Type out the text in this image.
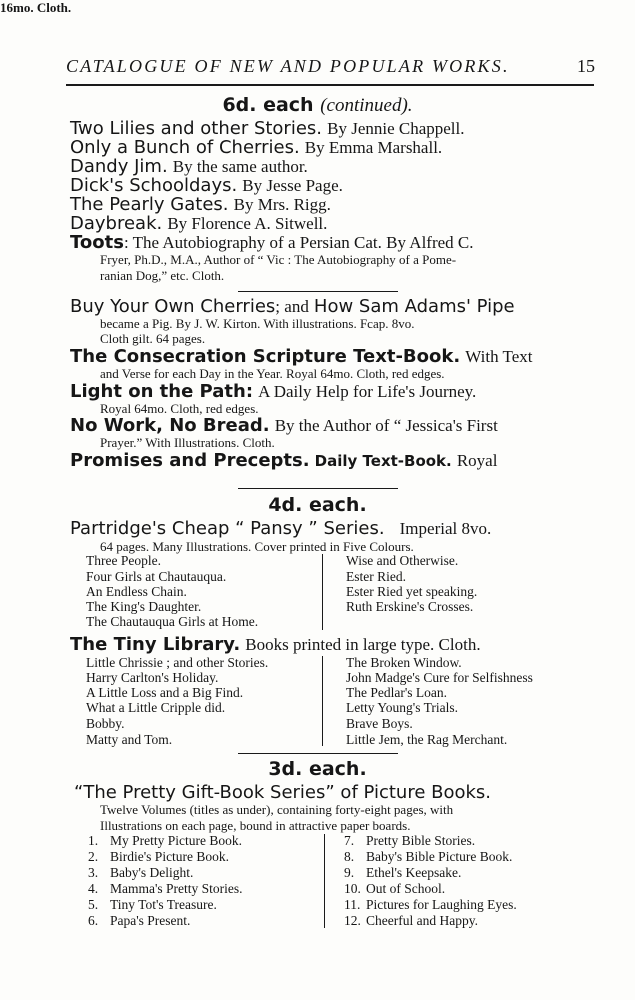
CATALOGUE OF NEW AND POPULAR WORKS.	15
6d. each (continued).
Two Lilies and other Stories. By Jennie Chappell.
Only a Bunch of Cherries. By Emma Marshall.
Dandy Jim. By the same author.
Dick's Schooldays. By Jesse Page.
The Pearly Gates. By Mrs. Rigg.
Daybreak. By Florence A. Sitwell.
Toots: The Autobiography of a Persian Cat. By Alfred C.
Fryer, Ph.D., M.A., Author of “ Vic : The Autobiography of a Pome-
ranian Dog,” etc. Cloth.
Buy Your Own Cherries; and How Sam Adams' Pipe
became a Pig. By J. W. Kirton. With illustrations. Fcap. 8vo.
Cloth gilt. 64 pages.
The Consecration Scripture Text-Book. With Text
and Verse for each Day in the Year. Royal 64mo. Cloth, red edges.
Light on the Path: A Daily Help for Life's Journey.
Royal 64mo. Cloth, red edges.
No Work, No Bread. By the Author of “ Jessica's First
Prayer.” With Illustrations. Cloth.
Promises and Precepts. Daily Text-Book. Royal
16mo. Cloth.
4d. each.
Partridge's Cheap “ Pansy ” Series. Imperial 8vo.
64 pages. Many Illustrations. Cover printed in Five Colours.
Three People.
Four Girls at Chautauqua.
An Endless Chain.
The King's Daughter.
The Chautauqua Girls at Home.
Wise and Otherwise.
Ester Ried.
Ester Ried yet speaking.
Ruth Erskine's Crosses.
The Tiny Library. Books printed in large type. Cloth.
Little Chrissie ; and other Stories.
Harry Carlton's Holiday.
A Little Loss and a Big Find.
What a Little Cripple did.
Bobby.
Matty and Tom.
The Broken Window.
John Madge's Cure for Selfishness
The Pedlar's Loan.
Letty Young's Trials.
Brave Boys.
Little Jem, the Rag Merchant.
3d. each.
“The Pretty Gift-Book Series” of Picture Books.
Twelve Volumes (titles as under), containing forty-eight pages, with
Illustrations on each page, bound in attractive paper boards.
1. My Pretty Picture Book.
2. Birdie's Picture Book.
3. Baby's Delight.
4. Mamma's Pretty Stories.
5. Tiny Tot's Treasure.
6. Papa's Present.
7. Pretty Bible Stories.
8. Baby's Bible Picture Book.
9. Ethel's Keepsake.
10. Out of School.
11. Pictures for Laughing Eyes.
12. Cheerful and Happy.
